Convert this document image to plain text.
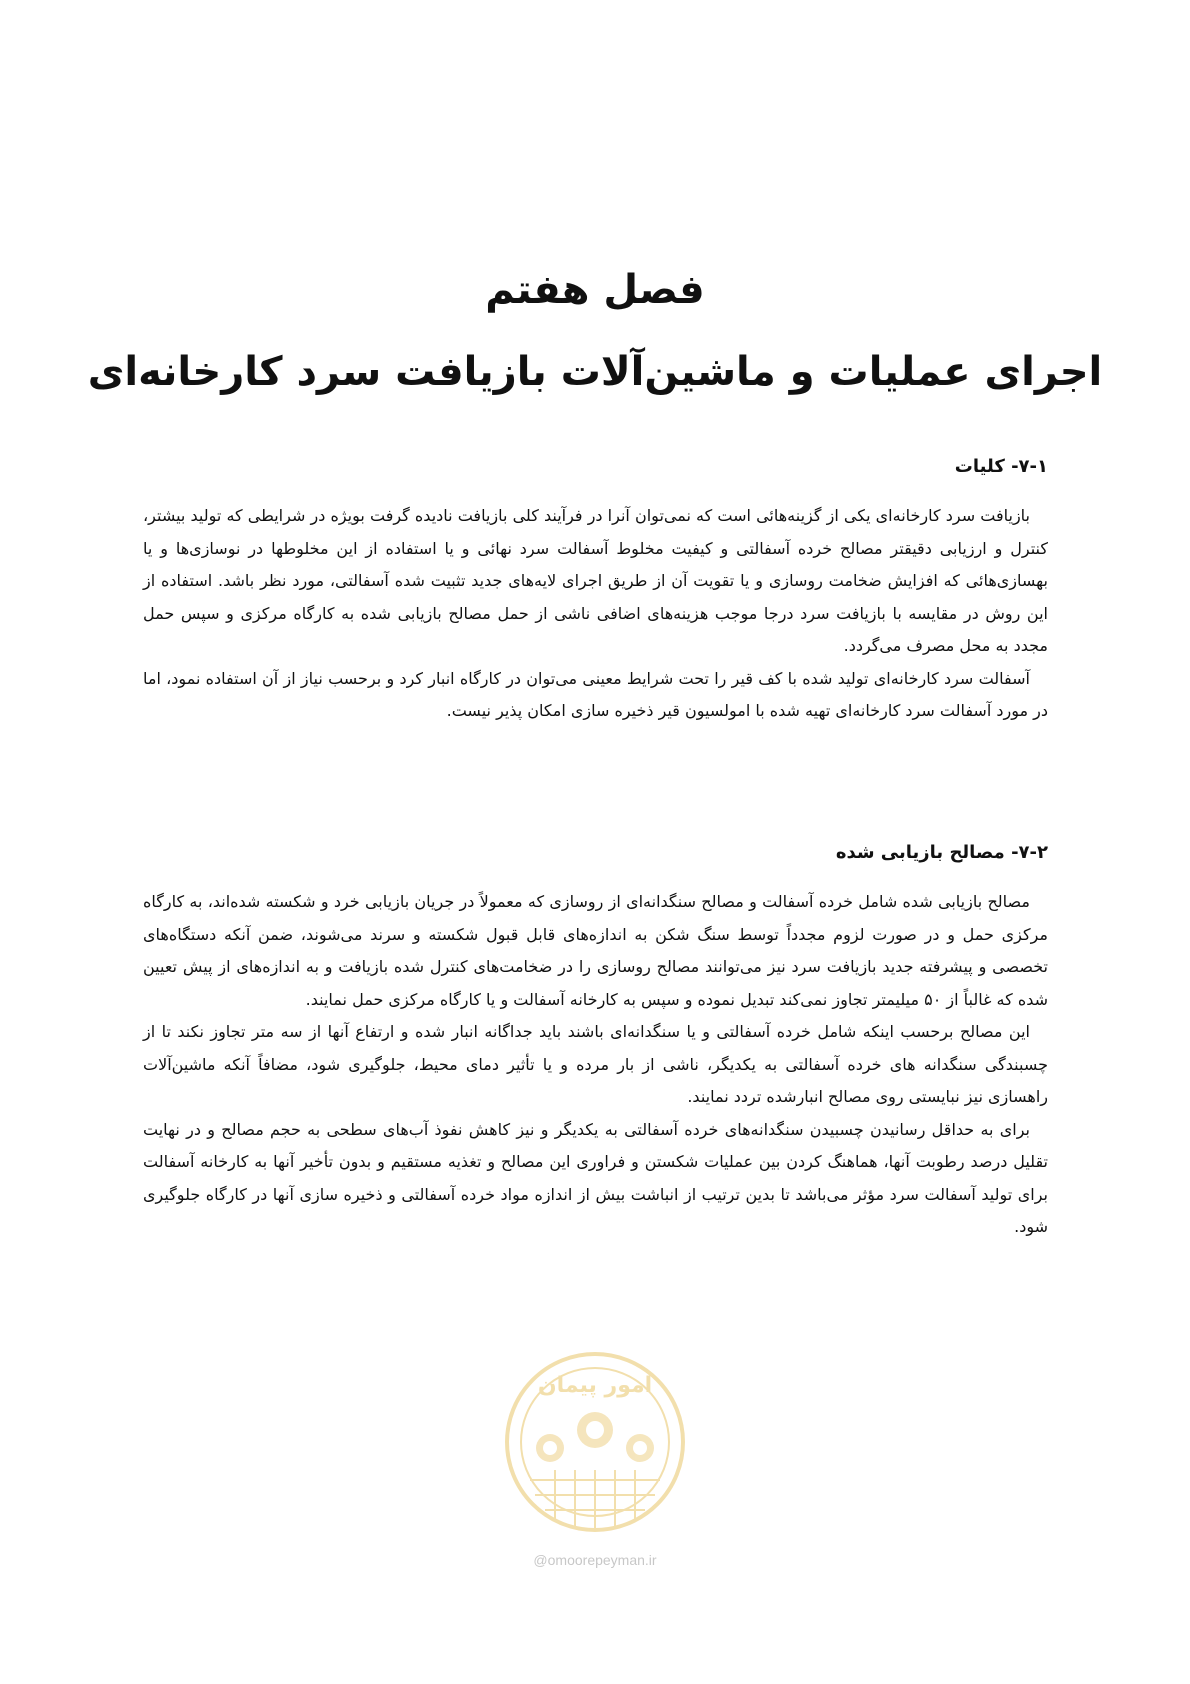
فصل هفتم
اجرای عملیات و ماشین‌آلات بازیافت سرد کارخانه‌ای
۷-۱- کلیات

بازیافت سرد کارخانه‌ای یکی از گزینه‌هائی است که نمی‌توان آنرا در فرآیند کلی بازیافت نادیده گرفت بویژه در شرایطی که تولید بیشتر، کنترل و ارزیابی دقیقتر مصالح خرده آسفالتی و کیفیت مخلوط آسفالت سرد نهائی و یا استفاده از این مخلوطها در نوسازی‌ها و یا بهسازی‌هائی که افزایش ضخامت روسازی و یا تقویت آن از طریق اجرای لایه‌های جدید تثبیت شده آسفالتی، مورد نظر باشد. استفاده از این روش در مقایسه با بازیافت سرد درجا موجب هزینه‌های اضافی ناشی از حمل مصالح بازیابی شده به کارگاه مرکزی و سپس حمل مجدد به محل مصرف می‌گردد.

آسفالت سرد کارخانه‌ای تولید شده با کف قیر را تحت شرایط معینی می‌توان در کارگاه انبار کرد و برحسب نیاز از آن استفاده نمود، اما در مورد آسفالت سرد کارخانه‌ای تهیه شده با امولسیون قیر ذخیره سازی امکان پذیر نیست.

۷-۲- مصالح بازیابی شده

مصالح بازیابی شده شامل خرده آسفالت و مصالح سنگدانه‌ای از روسازی که معمولاً در جریان بازیابی خرد و شکسته شده‌اند، به کارگاه مرکزی حمل و در صورت لزوم مجدداً توسط سنگ شکن به اندازه‌های قابل قبول شکسته و سرند می‌شوند، ضمن آنکه دستگاه‌های تخصصی و پیشرفته جدید بازیافت سرد نیز می‌توانند مصالح روسازی را در ضخامت‌های کنترل شده بازیافت و به اندازه‌های از پیش تعیین شده که غالباً از ۵۰ میلیمتر تجاوز نمی‌کند تبدیل نموده و سپس به کارخانه آسفالت و یا کارگاه مرکزی حمل نمایند.

این مصالح برحسب اینکه شامل خرده آسفالتی و یا سنگدانه‌ای باشند باید جداگانه انبار شده و ارتفاع آنها از سه متر تجاوز نکند تا از چسبندگی سنگدانه های خرده آسفالتی به یکدیگر، ناشی از بار مرده و یا تأثیر دمای محیط، جلوگیری شود، مضافاً آنکه ماشین‌آلات راهسازی نیز نبایستی روی مصالح انبارشده تردد نمایند.

برای به حداقل رسانیدن چسبیدن سنگدانه‌های خرده آسفالتی به یکدیگر و نیز کاهش نفوذ آب‌های سطحی به حجم مصالح و در نهایت تقلیل درصد رطوبت آنها، هماهنگ کردن بین عملیات شکستن و فراوری این مصالح و تغذیه مستقیم و بدون تأخیر آنها به کارخانه آسفالت برای تولید آسفالت سرد مؤثر می‌باشد تا بدین ترتیب از انباشت بیش از اندازه مواد خرده آسفالتی و ذخیره سازی آنها در کارگاه جلوگیری شود.

امور پیمان
@omoorepeyman.ir
